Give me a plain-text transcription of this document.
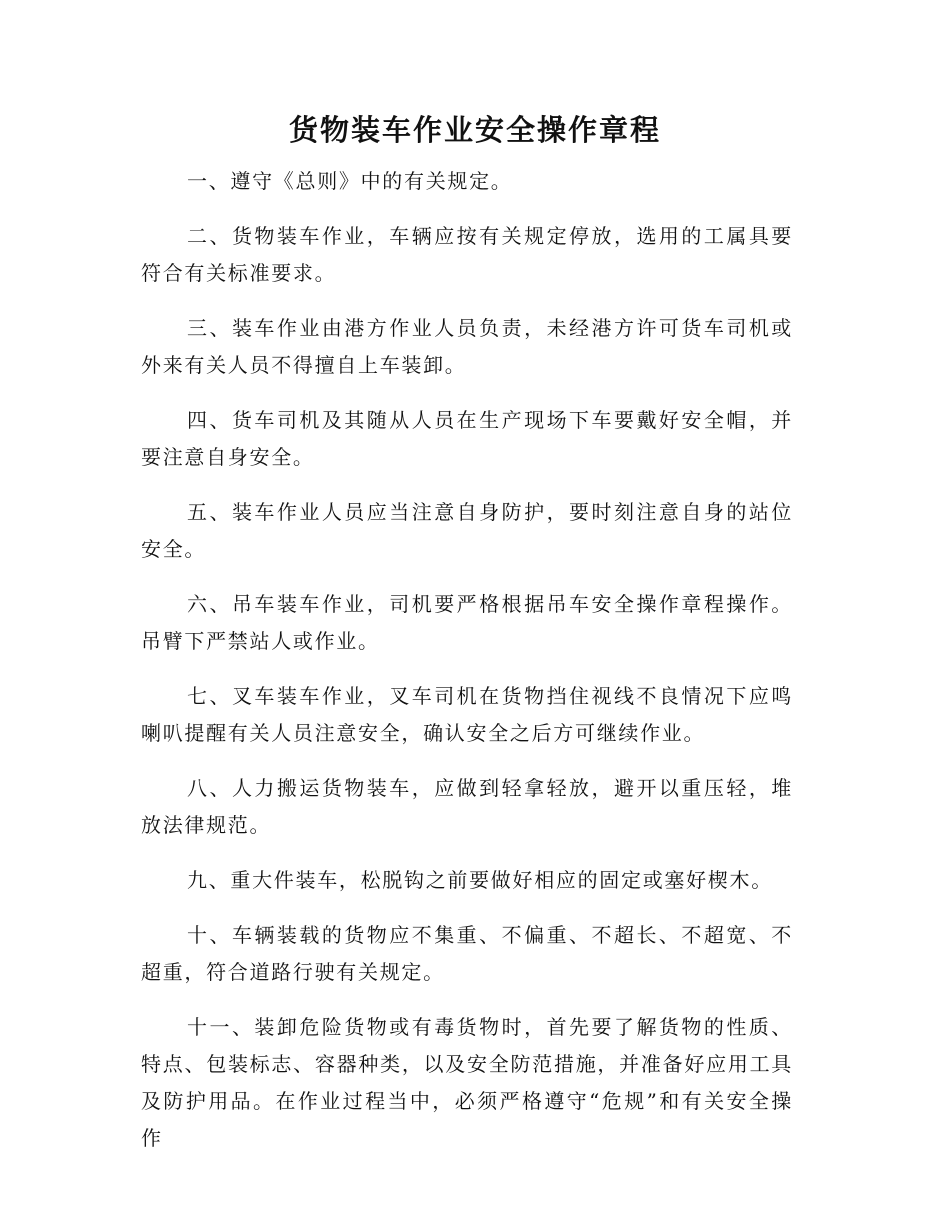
货物装车作业安全操作章程

一、遵守《总则》中的有关规定。

二、货物装车作业，车辆应按有关规定停放，选用的工属具要符合有关标准要求。

三、装车作业由港方作业人员负责，未经港方许可货车司机或外来有关人员不得擅自上车装卸。

四、货车司机及其随从人员在生产现场下车要戴好安全帽，并要注意自身安全。

五、装车作业人员应当注意自身防护，要时刻注意自身的站位安全。

六、吊车装车作业，司机要严格根据吊车安全操作章程操作。吊臂下严禁站人或作业。

七、叉车装车作业，叉车司机在货物挡住视线不良情况下应鸣喇叭提醒有关人员注意安全，确认安全之后方可继续作业。

八、人力搬运货物装车，应做到轻拿轻放，避开以重压轻，堆放法律规范。

九、重大件装车，松脱钩之前要做好相应的固定或塞好楔木。

十、车辆装载的货物应不集重、不偏重、不超长、不超宽、不超重，符合道路行驶有关规定。

十一、装卸危险货物或有毒货物时，首先要了解货物的性质、特点、包装标志、容器种类，以及安全防范措施，并准备好应用工具及防护用品。在作业过程当中，必须严格遵守“危规”和有关安全操作
